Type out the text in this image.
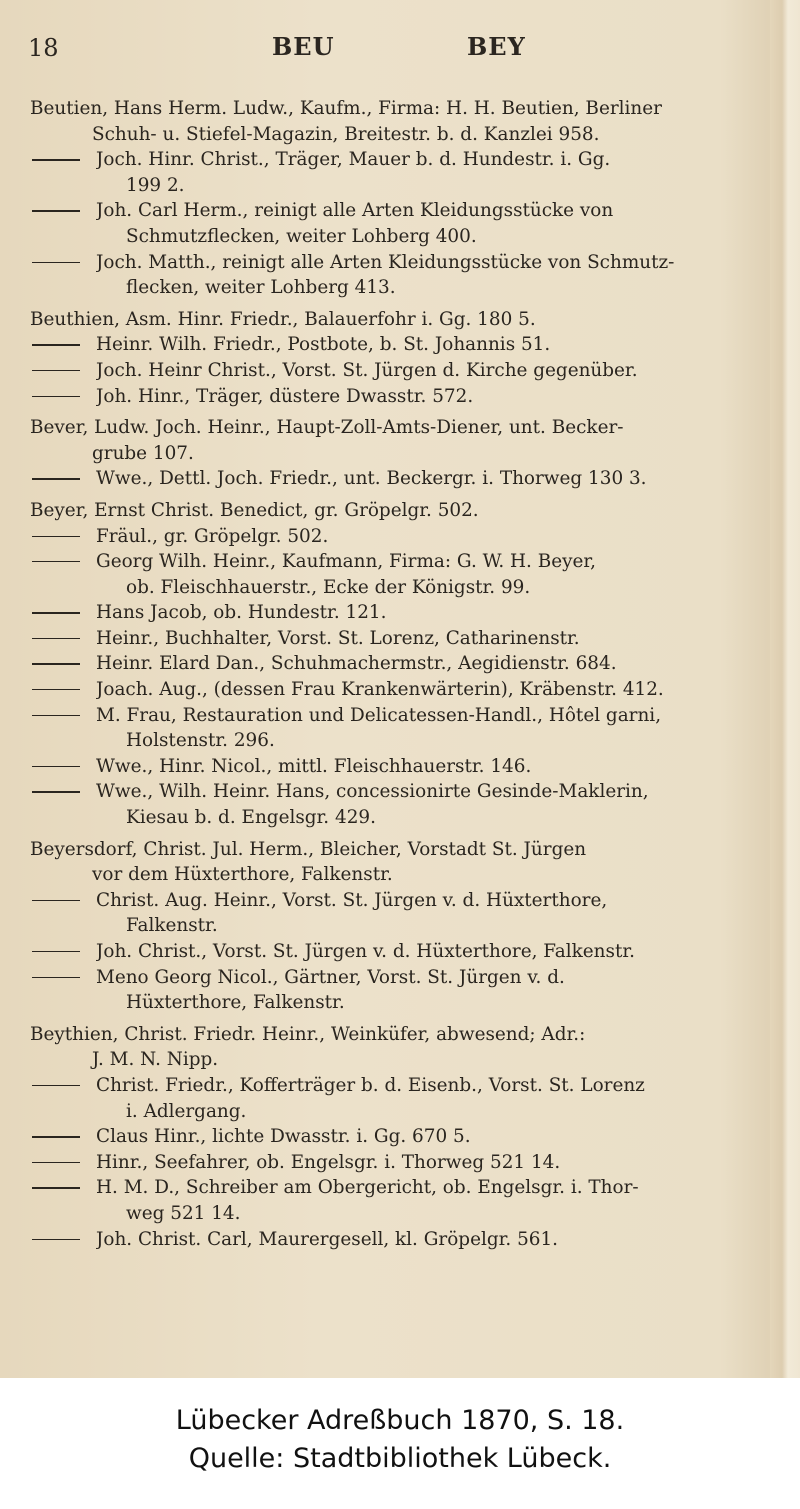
18	BEU	BEY
Beutien, Hans Herm. Ludw., Kaufm., Firma: H. H. Beutien, Berliner
Schuh- u. Stiefel-Magazin, Breitestr. b. d. Kanzlei 958.
Joch. Hinr. Christ., Träger, Mauer b. d. Hundestr. i. Gg.
199 2.
Joh. Carl Herm., reinigt alle Arten Kleidungsstücke von
Schmutzflecken, weiter Lohberg 400.
Joch. Matth., reinigt alle Arten Kleidungsstücke von Schmutz-
flecken, weiter Lohberg 413.
Beuthien, Asm. Hinr. Friedr., Balauerfohr i. Gg. 180 5.
Heinr. Wilh. Friedr., Postbote, b. St. Johannis 51.
Joch. Heinr Christ., Vorst. St. Jürgen d. Kirche gegenüber.
Joh. Hinr., Träger, düstere Dwasstr. 572.
Bever, Ludw. Joch. Heinr., Haupt-Zoll-Amts-Diener, unt. Becker-
grube 107.
Wwe., Dettl. Joch. Friedr., unt. Beckergr. i. Thorweg 130 3.
Beyer, Ernst Christ. Benedict, gr. Gröpelgr. 502.
Fräul., gr. Gröpelgr. 502.
Georg Wilh. Heinr., Kaufmann, Firma: G. W. H. Beyer,
ob. Fleischhauerstr., Ecke der Königstr. 99.
Hans Jacob, ob. Hundestr. 121.
Heinr., Buchhalter, Vorst. St. Lorenz, Catharinenstr.
Heinr. Elard Dan., Schuhmachermstr., Aegidienstr. 684.
Joach. Aug., (dessen Frau Krankenwärterin), Kräbenstr. 412.
M. Frau, Restauration und Delicatessen-Handl., Hôtel garni,
Holstenstr. 296.
Wwe., Hinr. Nicol., mittl. Fleischhauerstr. 146.
Wwe., Wilh. Heinr. Hans, concessionirte Gesinde-Maklerin,
Kiesau b. d. Engelsgr. 429.
Beyersdorf, Christ. Jul. Herm., Bleicher, Vorstadt St. Jürgen
vor dem Hüxterthore, Falkenstr.
Christ. Aug. Heinr., Vorst. St. Jürgen v. d. Hüxterthore,
Falkenstr.
Joh. Christ., Vorst. St. Jürgen v. d. Hüxterthore, Falkenstr.
Meno Georg Nicol., Gärtner, Vorst. St. Jürgen v. d.
Hüxterthore, Falkenstr.
Beythien, Christ. Friedr. Heinr., Weinküfer, abwesend; Adr.:
J. M. N. Nipp.
Christ. Friedr., Kofferträger b. d. Eisenb., Vorst. St. Lorenz
i. Adlergang.
Claus Hinr., lichte Dwasstr. i. Gg. 670 5.
Hinr., Seefahrer, ob. Engelsgr. i. Thorweg 521 14.
H. M. D., Schreiber am Obergericht, ob. Engelsgr. i. Thor-
weg 521 14.
Joh. Christ. Carl, Maurergesell, kl. Gröpelgr. 561.
Lübecker Adreßbuch 1870, S. 18.
Quelle: Stadtbibliothek Lübeck.
